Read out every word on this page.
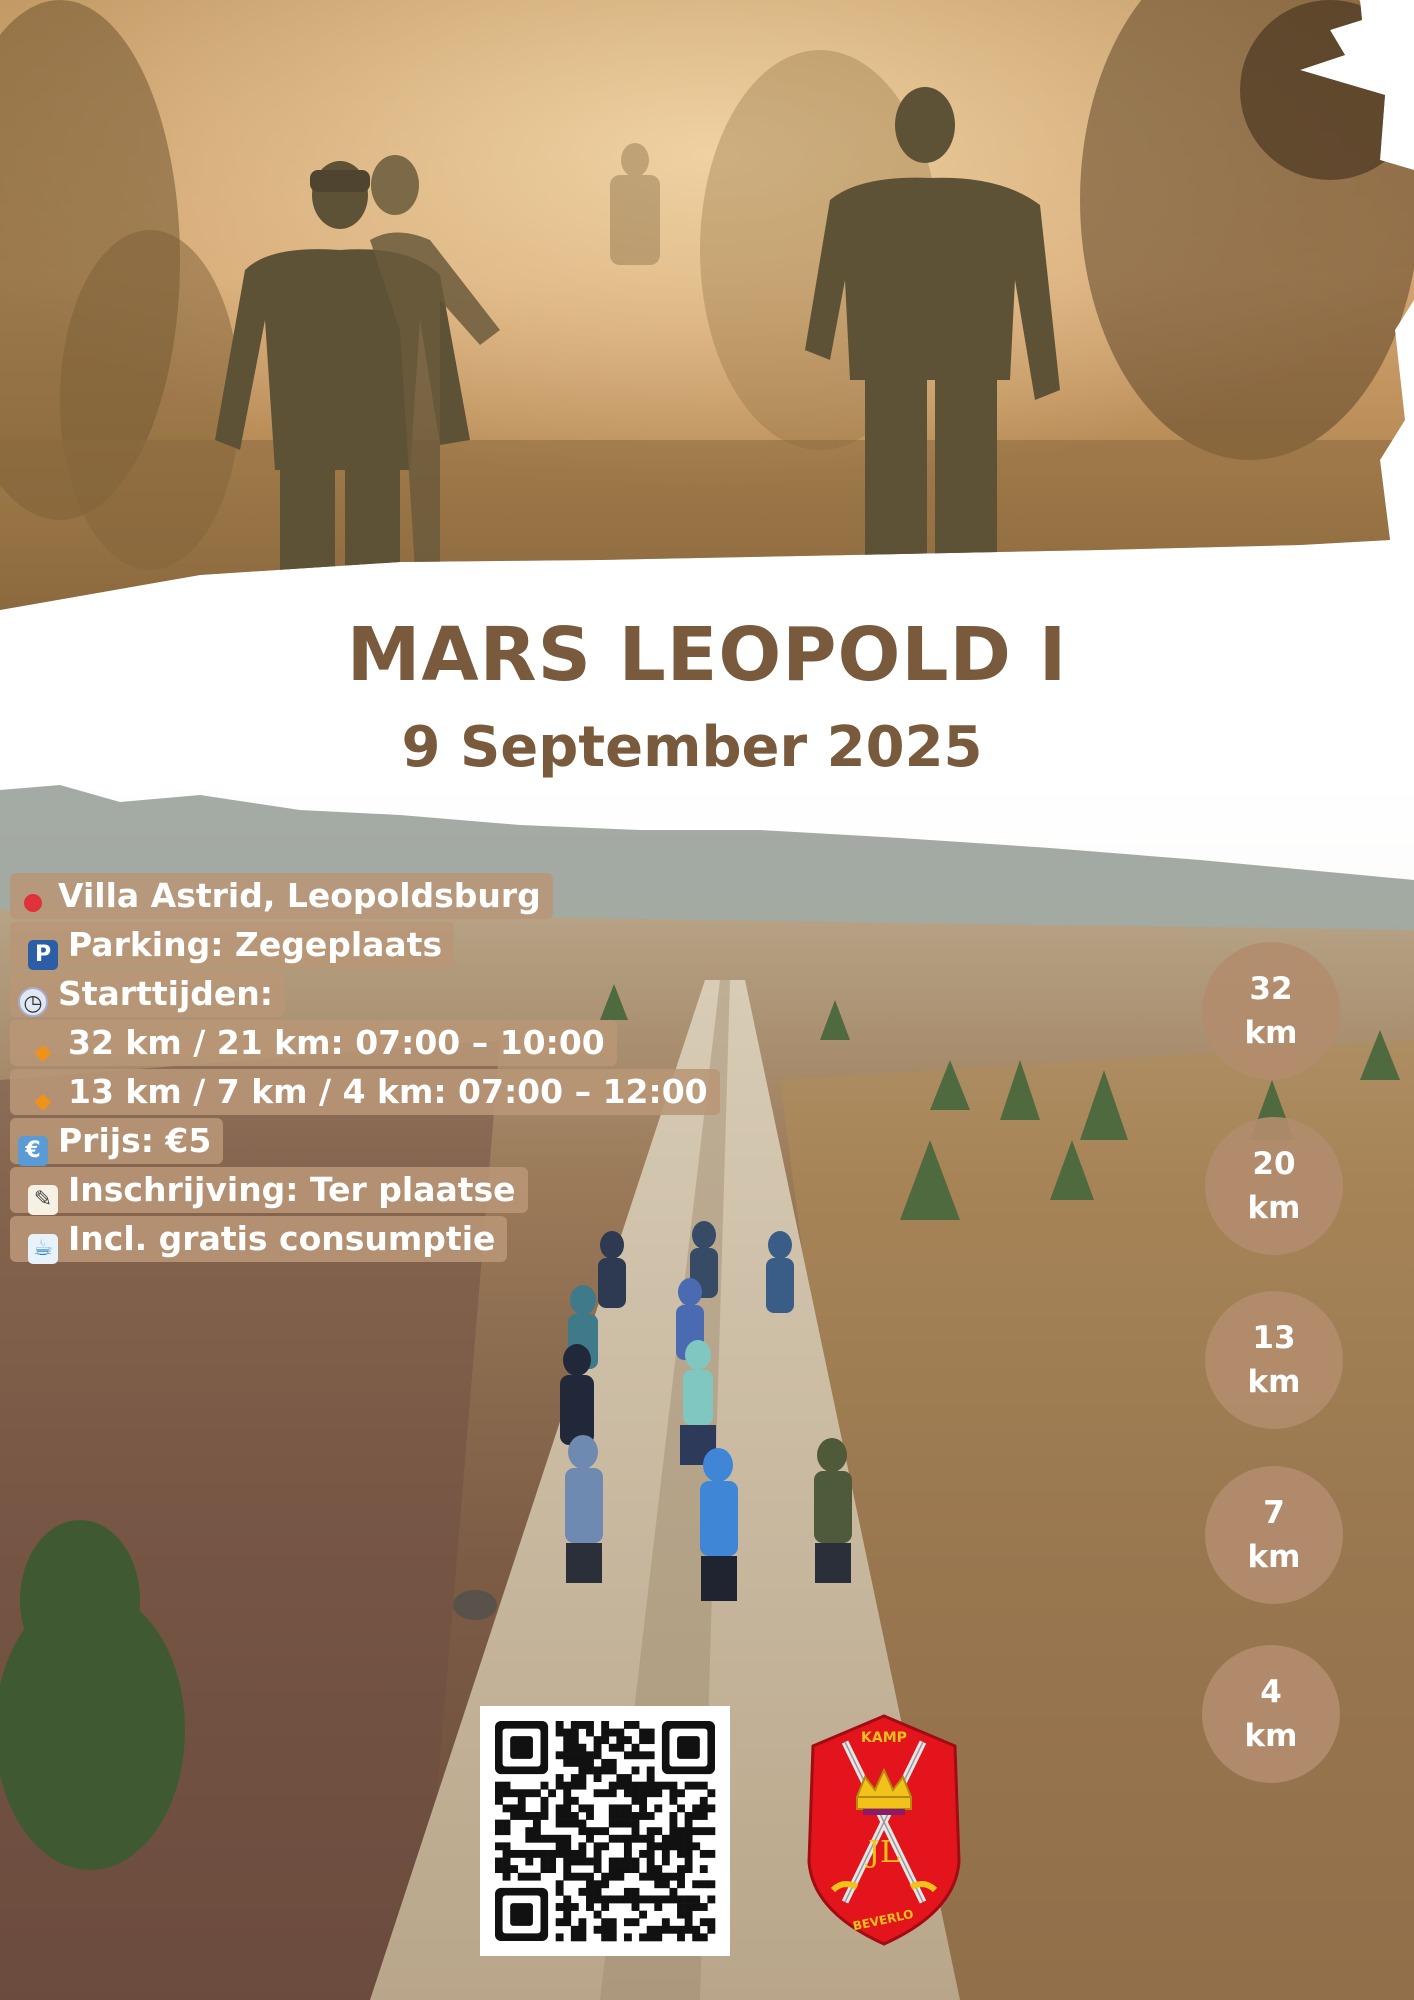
MARS LEOPOLD I
9 September 2025
Villa Astrid, Leopoldsburg
P Parking: Zegeplaats
◷ Starttijden:
◆ 32 km / 21 km: 07:00 – 10:00
◆ 13 km / 7 km / 4 km: 07:00 – 12:00
€ Prijs: €5
✎ Inschrijving: Ter plaatse
☕ Incl. gratis consumptie
32
km
20
km
13
km
7
km
4
km
JL
KAMP
BEVERLO
